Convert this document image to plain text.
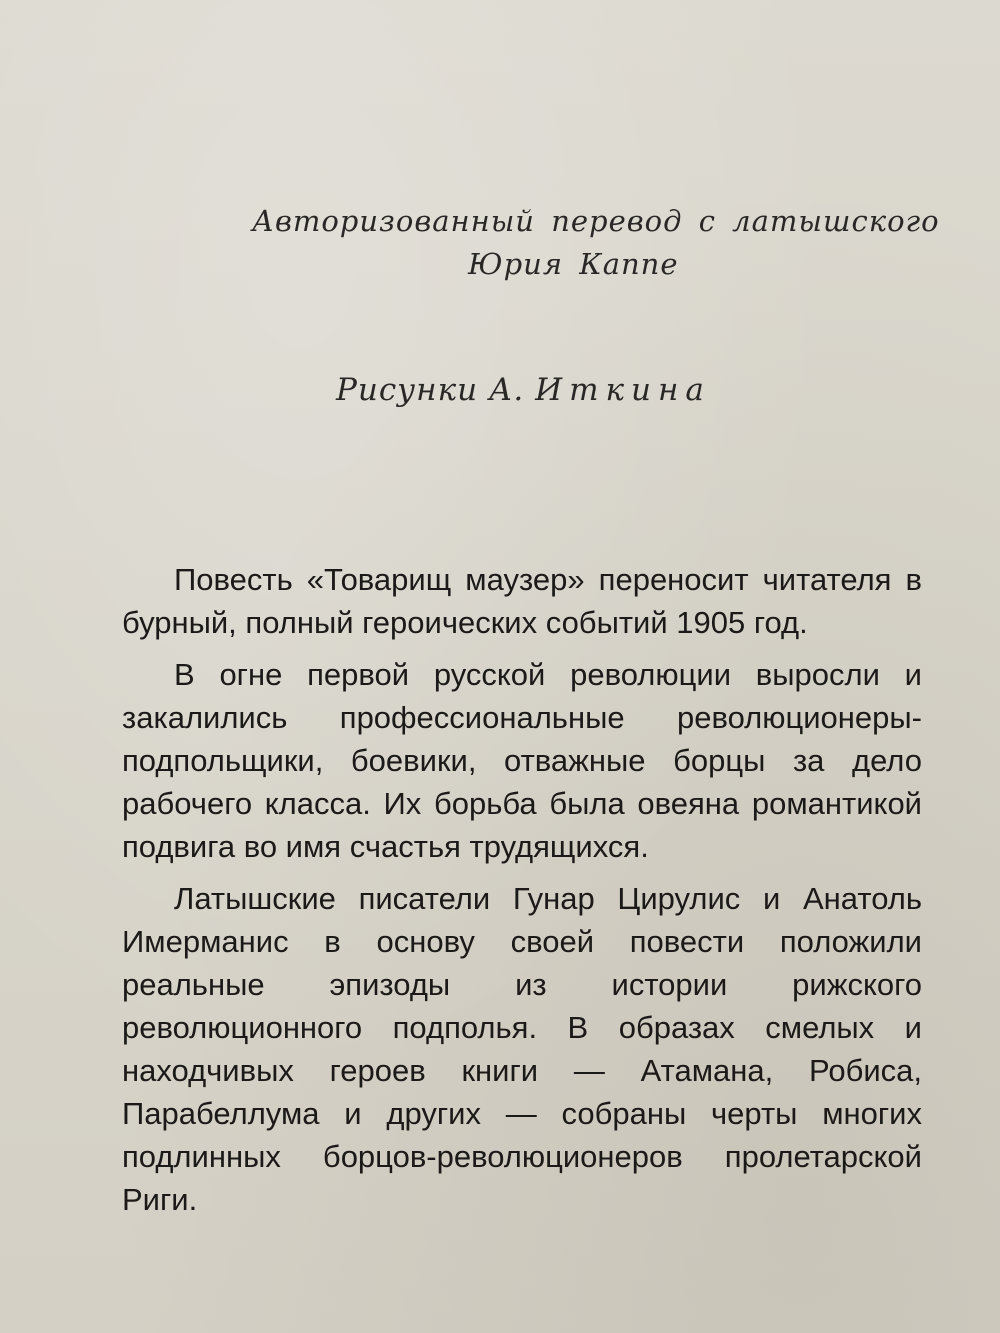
Авторизованный перевод с латышского
Юрия Каппе
Рисунки А. Иткина

Повесть «Товарищ маузер» переносит читателя в бурный, полный героических событий 1905 год.

В огне первой русской революции выросли и закалились профессиональные революционеры-подпольщики, боевики, отважные борцы за дело рабочего класса. Их борьба была овеяна романтикой подвига во имя счастья трудящихся.

Латышские писатели Гунар Цирулис и Анатоль Имерманис в основу своей повести положили реальные эпизоды из истории рижского революционного подполья. В образах смелых и находчивых героев книги — Атамана, Робиса, Парабеллума и других — собраны черты многих подлинных борцов-революционеров пролетарской Риги.
